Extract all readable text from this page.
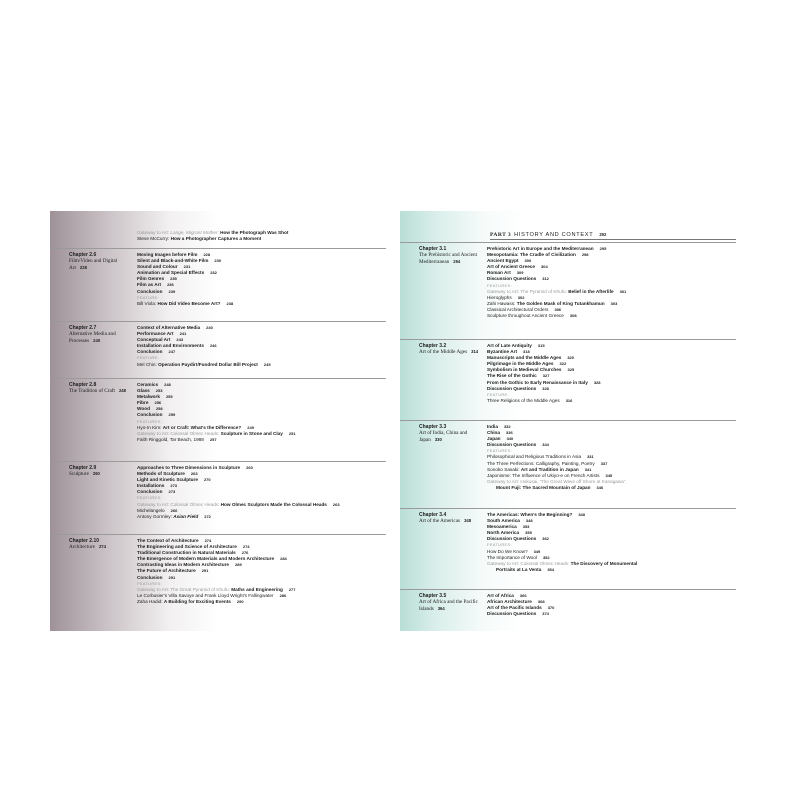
Gateway to Art: Lange, Migrant Mother: How the Photograph Was Shot
Steve McCurry: How a Photographer Captures a Moment
Chapter 2.6
Film/Video and Digital Art 228
Moving Images before Film 228
Silent and Black-and-White Film 230
Sound and Colour 231
Animation and Special Effects 232
Film Genres 235
Film as Art 236
Conclusion 239
FEATURE:
Bill Viola: How Did Video Become Art? 238
Chapter 2.7
Alternative Media and Processes 240
Context of Alternative Media 240
Performance Art 241
Conceptual Art 243
Installation and Environments 246
Conclusion 247
FEATURE:
Mel Chin: Operation Paydirt/Fundred Dollar Bill Project 245
Chapter 2.8
The Tradition of Craft 248
Ceramics 248
Glass 253
Metalwork 255
Fibre 256
Wood 258
Conclusion 259
FEATURES:
Hyo-In Kim: Art or Craft: What's the Difference? 249
Gateway to Art: Colossal Olmec Heads: Sculpture in Stone and Clay 251
Faith Ringgold, Tar Beach, 1988 257
Chapter 2.9
Sculpture 260
Approaches to Three Dimensions in Sculpture 260
Methods of Sculpture 263
Light and Kinetic Sculpture 270
Installations 273
Conclusion 273
FEATURES:
Gateway to Art: Colossal Olmec Heads: How Olmec Sculptors Made the Colossal Heads 263
Michelangelo 266
Antony Gormley: Asian Field 272
Chapter 2.10
Architecture 274
The Context of Architecture 274
The Engineering and Science of Architecture 274
Traditional Construction in Natural Materials 276
The Emergence of Modern Materials and Modern Architecture 284
Contrasting Ideas in Modern Architecture 289
The Future of Architecture 291
Conclusion 291
FEATURES:
Gateway to Art: The Great Pyramid of Khufu: Maths and Engineering 277
Le Corbusier's Villa Savoye and Frank Lloyd Wright's Fallingwater 286
Zaha Hadid: A Building for Exciting Events 290
Chapter 3.1
The Prehistoric and Ancient Mediterranean 294
Prehistoric Art in Europe and the Mediterranean 295
Mesopotamia: The Cradle of Civilization 298
Ancient Egypt 300
Art of Ancient Greece 304
Roman Art 309
Discussion Questions 312
FEATURES:
Gateway to Art: The Pyramid of Khufu: Belief in the Afterlife 301
Hieroglyphs 302
Zahi Hawass: The Golden Mask of King Tutankhamun 303
Classical Architectural Orders 306
Sculpture throughout Ancient Greece 308
Chapter 3.2
Art of the Middle Ages 314
Art of Late Antiquity 315
Byzantine Art 318
Manuscripts and the Middle Ages 320
Pilgrimage in the Middle Ages 322
Symbolism in Medieval Churches 325
The Rise of the Gothic 327
From the Gothic to Early Renaissance in Italy 328
Discussion Questions 328
FEATURE:
Three Religions of the Middle Ages 316
Chapter 3.3
Art of India, China and Japan 330
India 332
China 336
Japan 340
Discussion Questions 344
FEATURES:
Philosophical and Religious Traditions in Asia 331
The Three Perfections: Calligraphy, Painting, Poetry 337
Sonoko Sasaki: Art and Tradition in Japan 341
Japonisme: The Influence of Ukiyo-e on French Artists 345
Gateway to Art: Hokusai, 'The Great Wave off Shore at Kanagawa':
Mount Fuji: The Sacred Mountain of Japan 346
Chapter 3.4
Art of the Americas 348
The Americas: When's the Beginning? 348
South America 348
Mesoamerica 353
North America 359
Discussion Questions 362
FEATURES:
How Do We Know? 349
The Importance of Wool 352
Gateway to Art: Colossal Olmec Heads: The Discovery of Monumental
Portraits at La Venta 354
Chapter 3.5
Art of Africa and the Pacific Islands 364
Art of Africa 366
African Architecture 368
Art of the Pacific Islands 370
Discussion Questions 374
PART 3 HISTORY AND CONTEXT 292
